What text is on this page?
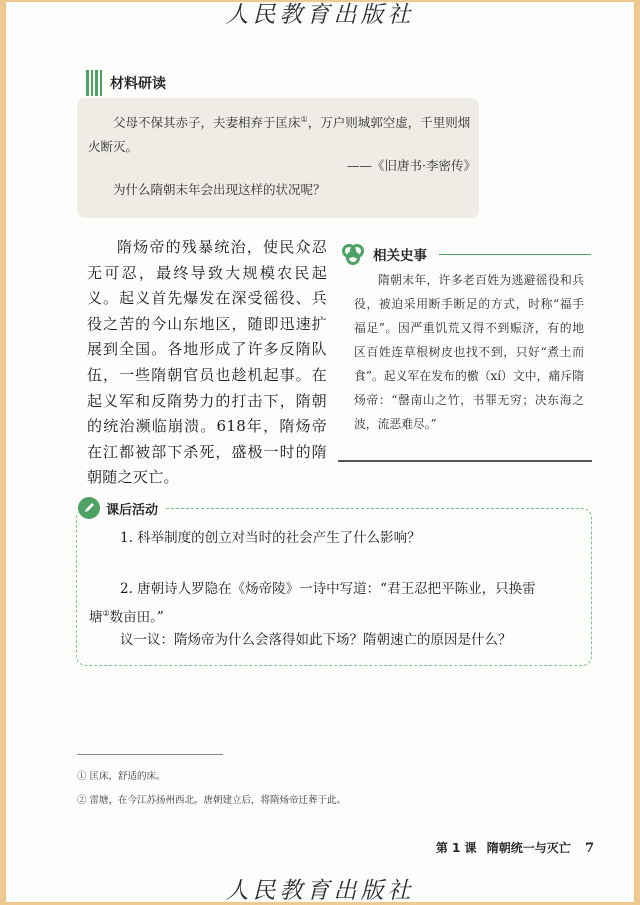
人民教育出版社
材料研读
父母不保其赤子，夫妻相弃于匡床①，万户则城郭空虚，千里则烟火断灭。
——《旧唐书·李密传》
为什么隋朝末年会出现这样的状况呢？
隋炀帝的残暴统治，使民众忍无可忍，最终导致大规模农民起义。起义首先爆发在深受徭役、兵役之苦的今山东地区，随即迅速扩展到全国。各地形成了许多反隋队伍，一些隋朝官员也趁机起事。在起义军和反隋势力的打击下，隋朝的统治濒临崩溃。618年，隋炀帝在江都被部下杀死，盛极一时的隋朝随之灭亡。
相关史事
隋朝末年，许多老百姓为逃避徭役和兵役，被迫采用断手断足的方式，时称“福手福足”。因严重饥荒又得不到赈济，有的地区百姓连草根树皮也找不到，只好“煮土而食”。起义军在发布的檄（xí）文中，痛斥隋炀帝：“罄南山之竹，书罪无穷；决东海之波，流恶难尽。”
课后活动
1. 科举制度的创立对当时的社会产生了什么影响？
2. 唐朝诗人罗隐在《炀帝陵》一诗中写道：“君王忍把平陈业，只换雷
塘②数亩田。”
议一议：隋炀帝为什么会落得如此下场？隋朝速亡的原因是什么？
① 匡床，舒适的床。
② 雷塘，在今江苏扬州西北。唐朝建立后，将隋炀帝迁葬于此。
第 1 课 隋朝统一与灭亡 7
人民教育出版社
